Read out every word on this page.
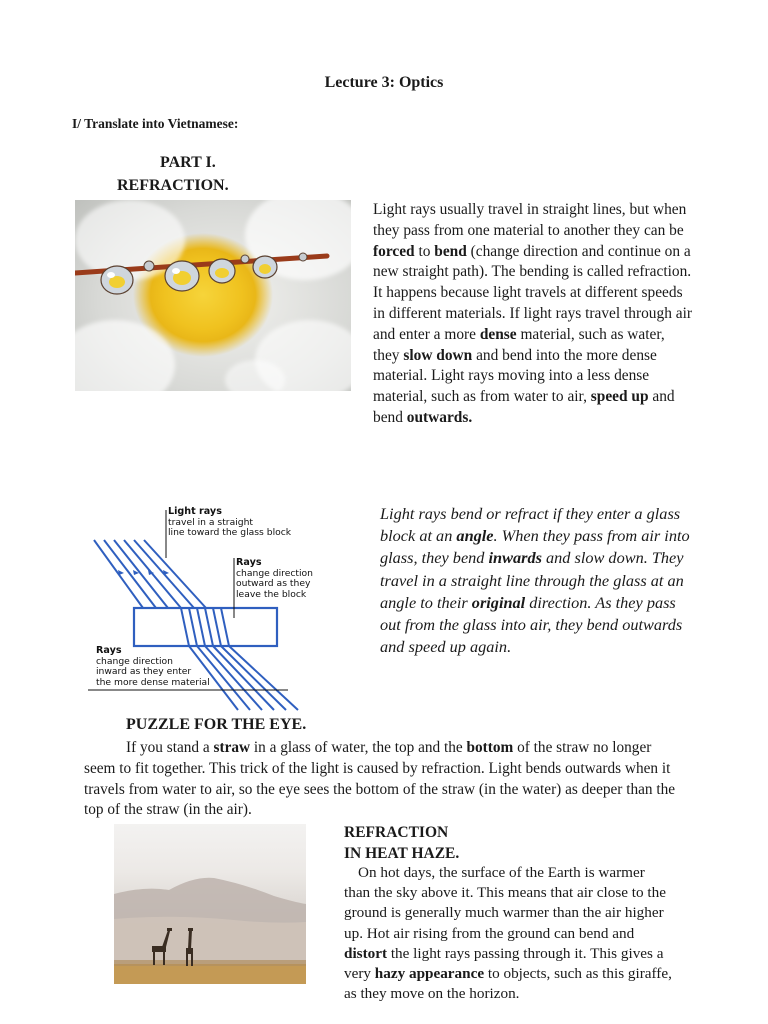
Lecture 3: Optics
I/ Translate into Vietnamese:
PART I.
REFRACTION.
Light rays usually travel in straight lines, but when they pass from one material to another they can be forced to bend (change direction and continue on a new straight path). The bending is called refraction. It happens because light travels at different speeds in different materials. If light rays travel through air and enter a more dense material, such as water, they slow down and bend into the more dense material. Light rays moving into a less dense material, such as from water to air, speed up and bend outwards.
Light rays
travel in a straight
line toward the glass block
Rays
change direction
outward as they
leave the block
Rays
change direction
inward as they enter
the more dense material
Light rays bend or refract if they enter a glass block at an angle. When they pass from air into glass, they bend inwards and slow down. They travel in a straight line through the glass at an angle to their original direction. As they pass out from the glass into air, they bend outwards and speed up again.
PUZZLE FOR THE EYE.
If you stand a straw in a glass of water, the top and the bottom of the straw no longer seem to fit together. This trick of the light is caused by refraction. Light bends outwards when it travels from water to air, so the eye sees the bottom of the straw (in the water) as deeper than the top of the straw (in the air).
REFRACTION
IN HEAT HAZE.
On hot days, the surface of the Earth is warmer than the sky above it. This means that air close to the ground is generally much warmer than the air higher up. Hot air rising from the ground can bend and distort the light rays passing through it. This gives a very hazy appearance to objects, such as this giraffe, as they move on the horizon.
